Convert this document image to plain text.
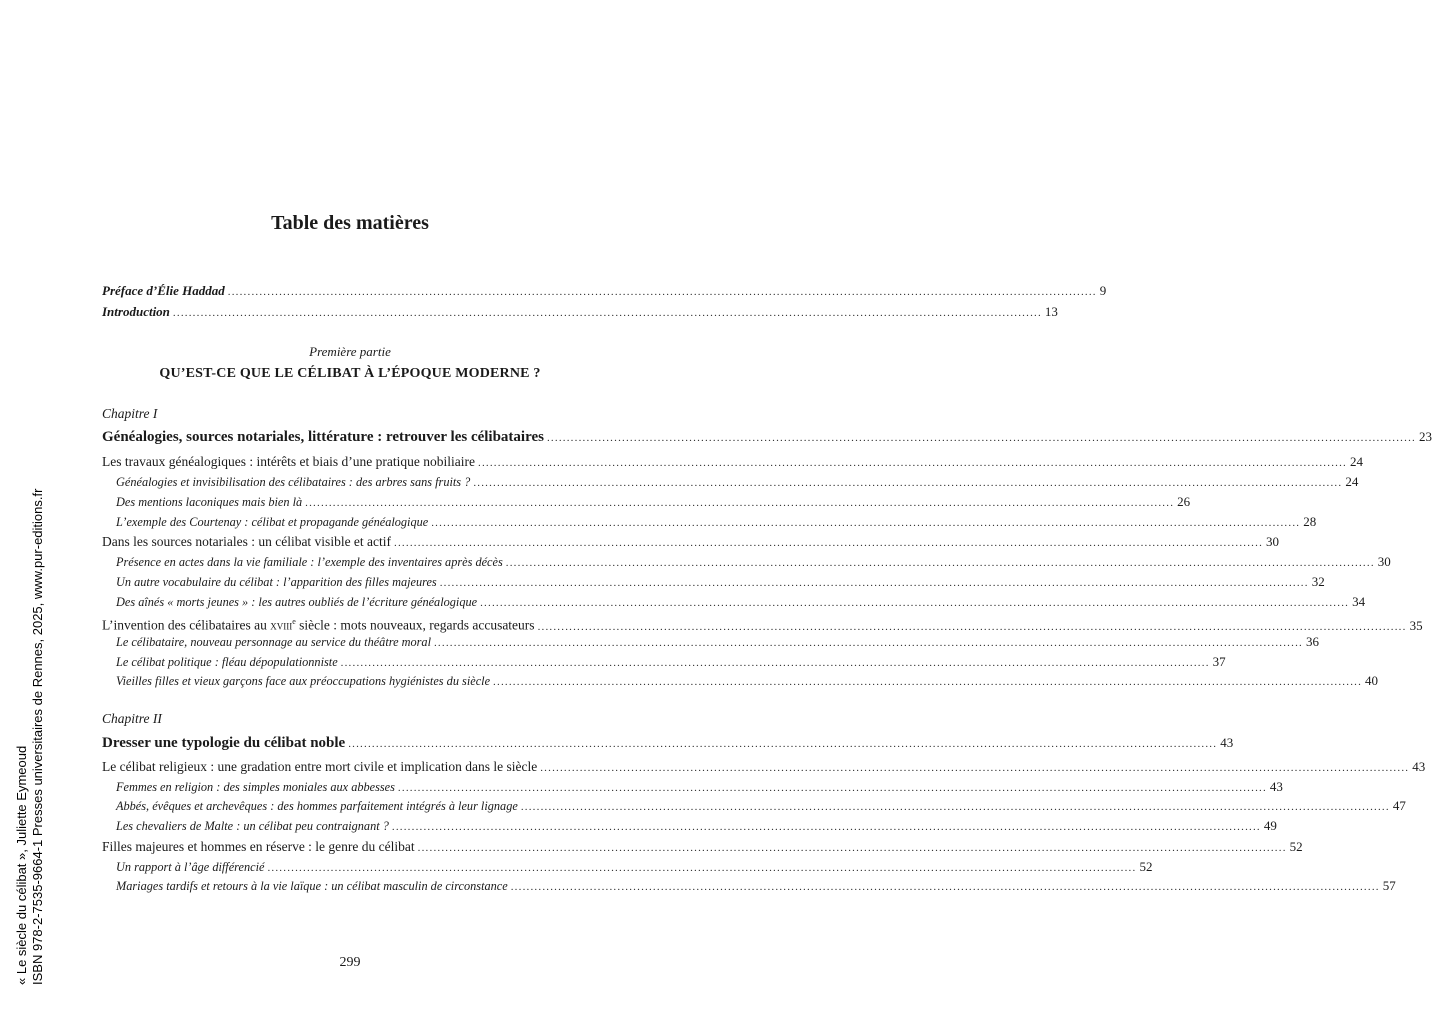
Table des matières
Préface d’Élie Haddad ............................................................................................................................................................................................................................ 9
Introduction ............................................................................................................................................................................................................................ 13
Première partie
QU’EST-CE QUE LE CÉLIBAT À L’ÉPOQUE MODERNE ?
Chapitre I
Généalogies, sources notariales, littérature : retrouver les célibataires ............................................................................................................................................................................................................................ 23
Les travaux généalogiques : intérêts et biais d’une pratique nobiliaire ............................................................................................................................................................................................................................ 24
Généalogies et invisibilisation des célibataires : des arbres sans fruits ? ............................................................................................................................................................................................................................ 24
Des mentions laconiques mais bien là ............................................................................................................................................................................................................................ 26
L’exemple des Courtenay : célibat et propagande généalogique ............................................................................................................................................................................................................................ 28
Dans les sources notariales : un célibat visible et actif ............................................................................................................................................................................................................................ 30
Présence en actes dans la vie familiale : l’exemple des inventaires après décès ............................................................................................................................................................................................................................ 30
Un autre vocabulaire du célibat : l’apparition des filles majeures ............................................................................................................................................................................................................................ 32
Des aînés « morts jeunes » : les autres oubliés de l’écriture généalogique ............................................................................................................................................................................................................................ 34
L’invention des célibataires au xviii$^e$ siècle : mots nouveaux, regards accusateurs ............................................................................................................................................................................................................................ 35
Le célibataire, nouveau personnage au service du théâtre moral ............................................................................................................................................................................................................................ 36
Le célibat politique : fléau dépopulationniste ............................................................................................................................................................................................................................ 37
Vieilles filles et vieux garçons face aux préoccupations hygiénistes du siècle ............................................................................................................................................................................................................................ 40
Chapitre II
Dresser une typologie du célibat noble ............................................................................................................................................................................................................................ 43
Le célibat religieux : une gradation entre mort civile et implication dans le siècle ............................................................................................................................................................................................................................ 43
Femmes en religion : des simples moniales aux abbesses ............................................................................................................................................................................................................................ 43
Abbés, évêques et archevêques : des hommes parfaitement intégrés à leur lignage ............................................................................................................................................................................................................................ 47
Les chevaliers de Malte : un célibat peu contraignant ? ............................................................................................................................................................................................................................ 49
Filles majeures et hommes en réserve : le genre du célibat ............................................................................................................................................................................................................................ 52
Un rapport à l’âge différencié ............................................................................................................................................................................................................................ 52
Mariages tardifs et retours à la vie laïque : un célibat masculin de circonstance ............................................................................................................................................................................................................................ 57
299
« Le siècle du célibat », Juliette Eymeoud ISBN 978-2-7535-9664-1 Presses universitaires de Rennes, 2025, www.pur-editions.fr
